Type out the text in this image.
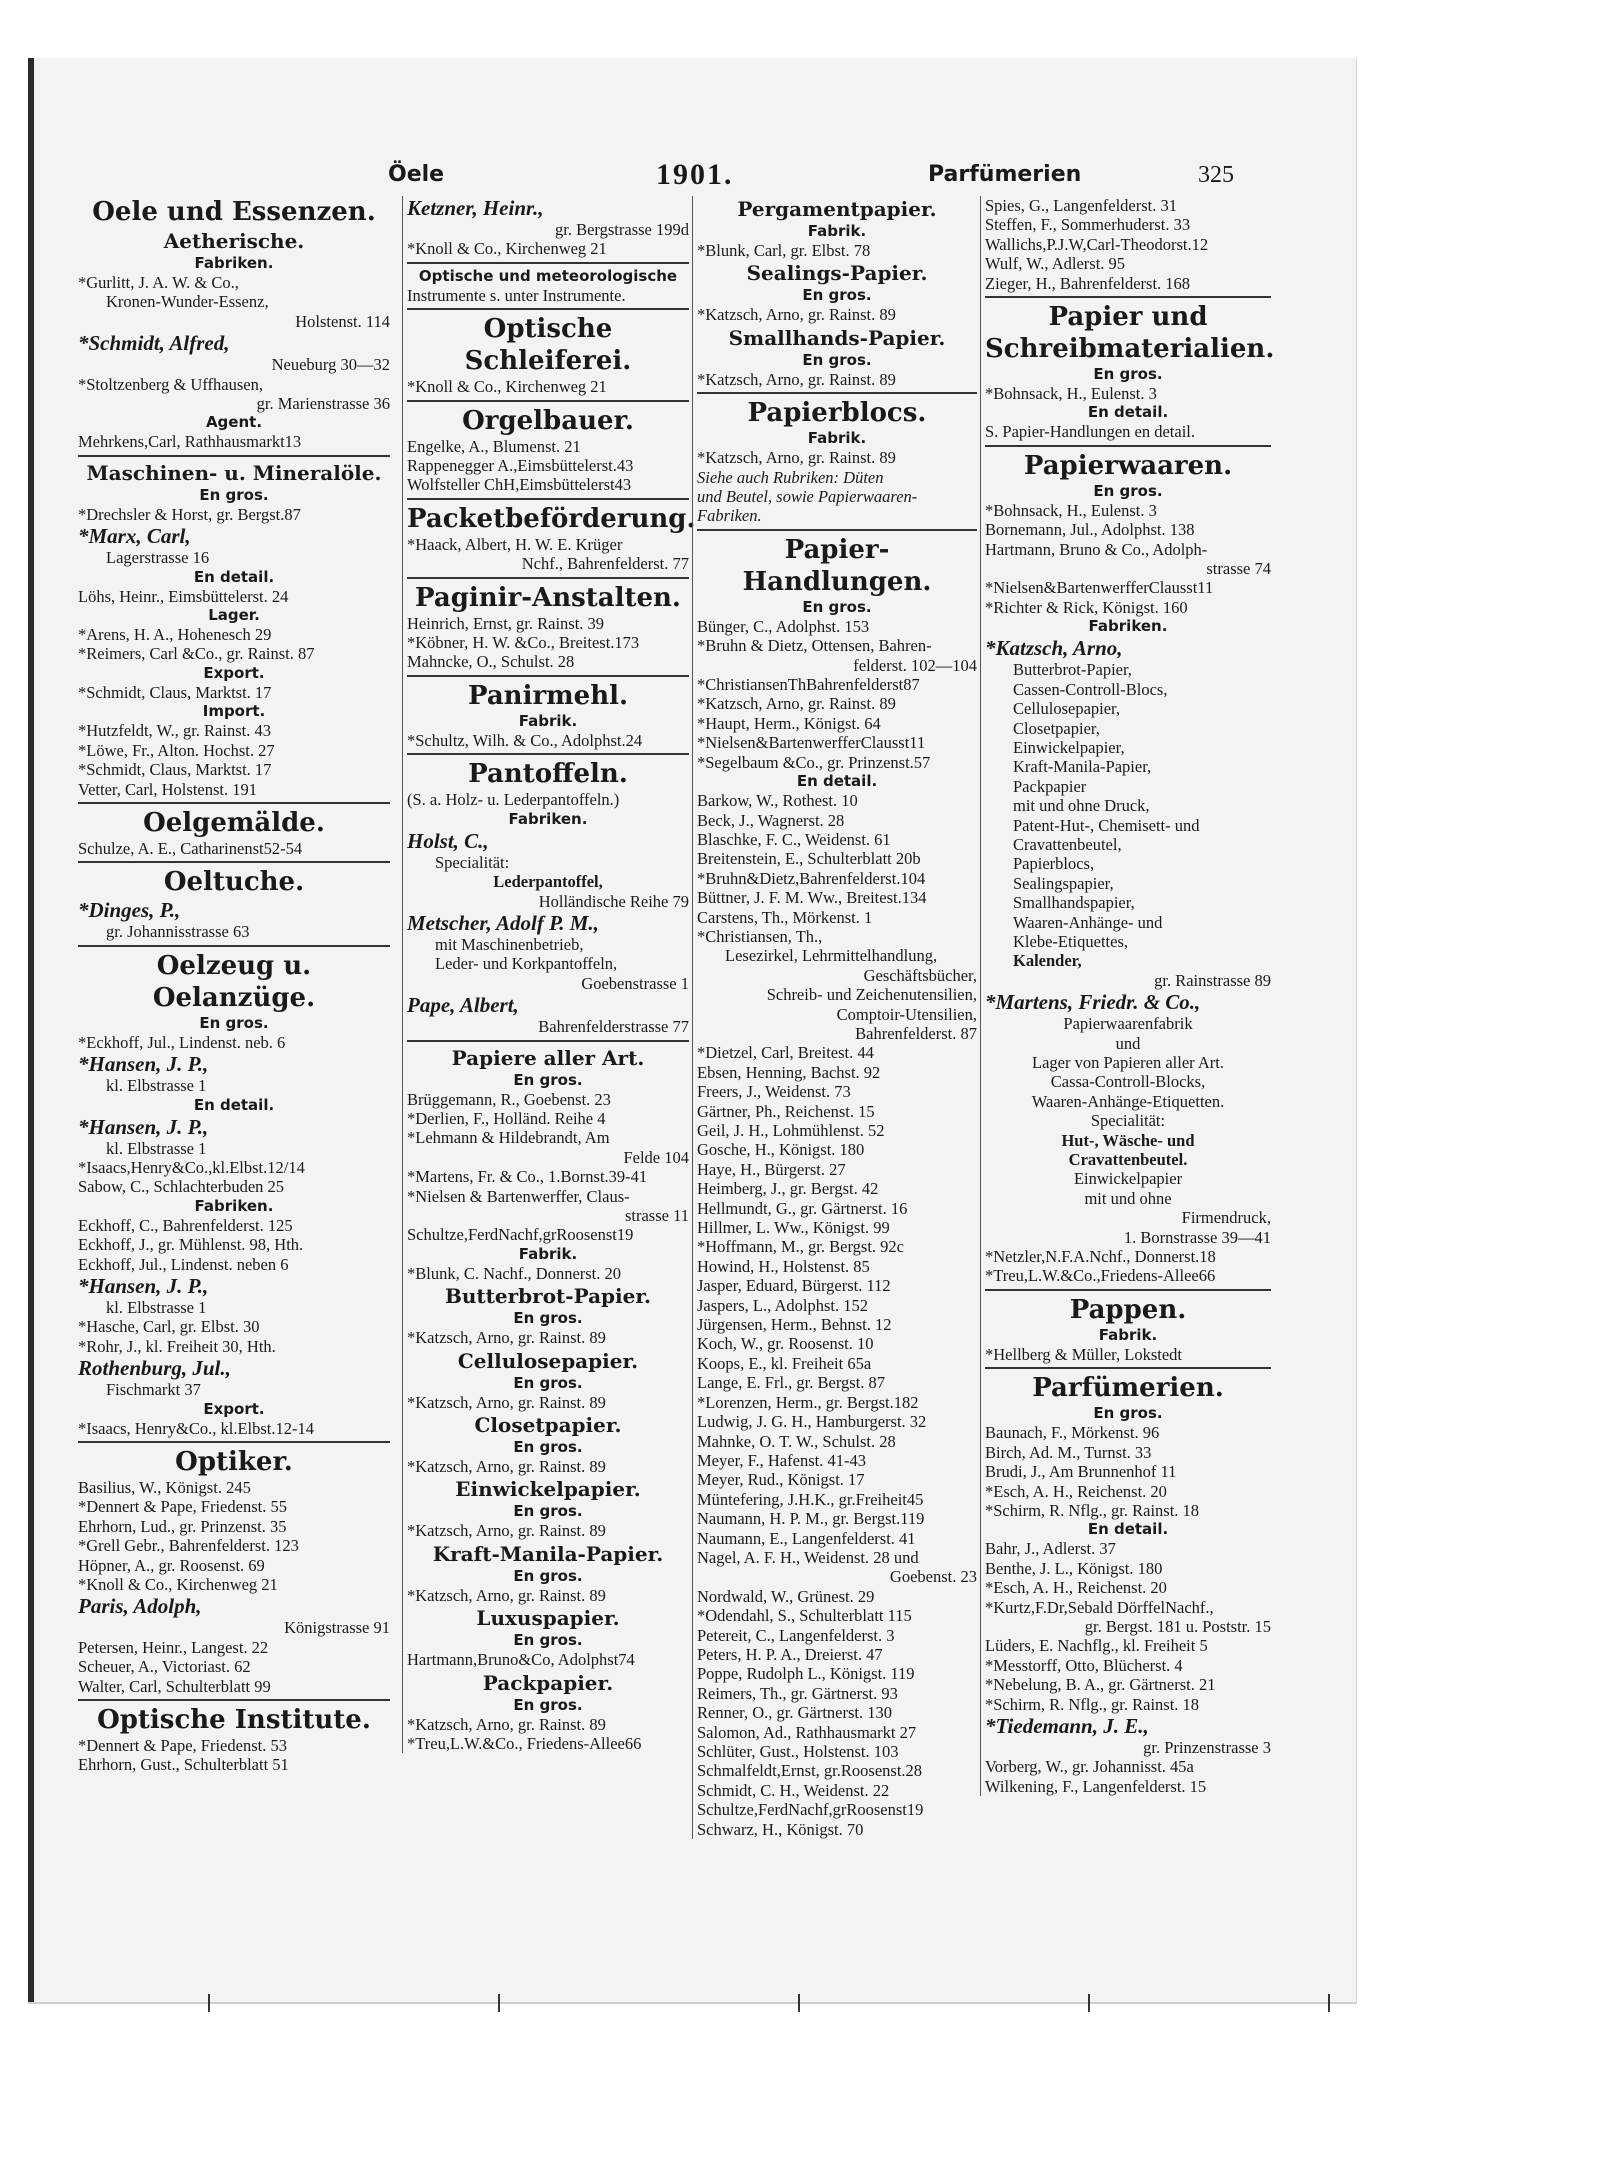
Öele	1901.	Parfümerien	325
Oele und Essenzen.
Aetherische.
Fabriken.
*Gurlitt, J. A. W. & Co.,
Kronen-Wunder-Essenz,
Holstenst. 114
*Schmidt, Alfred,
Neueburg 30—32
*Stoltzenberg & Uffhausen,
gr. Marienstrasse 36
Agent.
Mehrkens,Carl, Rathhausmarkt13
Maschinen- u. Mineralöle.
En gros.
*Drechsler & Horst, gr. Bergst.87
*Marx, Carl,
Lagerstrasse 16
En detail.
Löhs, Heinr., Eimsbüttelerst. 24
Lager.
*Arens, H. A., Hohenesch 29
*Reimers, Carl &Co., gr. Rainst. 87
Export.
*Schmidt, Claus, Marktst. 17
Import.
*Hutzfeldt, W., gr. Rainst. 43
*Löwe, Fr., Alton. Hochst. 27
*Schmidt, Claus, Marktst. 17
Vetter, Carl, Holstenst. 191
Oelgemälde.
Schulze, A. E., Catharinenst52-54
Oeltuche.
*Dinges, P.,
gr. Johannisstrasse 63
Oelzeug u. Oelanzüge.
En gros.
*Eckhoff, Jul., Lindenst. neb. 6
*Hansen, J. P.,
kl. Elbstrasse 1
En detail.
*Hansen, J. P.,
kl. Elbstrasse 1
*Isaacs,Henry&Co.,kl.Elbst.12/14
Sabow, C., Schlachterbuden 25
Fabriken.
Eckhoff, C., Bahrenfelderst. 125
Eckhoff, J., gr. Mühlenst. 98, Hth.
Eckhoff, Jul., Lindenst. neben 6
*Hansen, J. P.,
kl. Elbstrasse 1
*Hasche, Carl, gr. Elbst. 30
*Rohr, J., kl. Freiheit 30, Hth.
Rothenburg, Jul.,
Fischmarkt 37
Export.
*Isaacs, Henry&Co., kl.Elbst.12-14
Optiker.
Basilius, W., Königst. 245
*Dennert & Pape, Friedenst. 55
Ehrhorn, Lud., gr. Prinzenst. 35
*Grell Gebr., Bahrenfelderst. 123
Höpner, A., gr. Roosenst. 69
*Knoll & Co., Kirchenweg 21
Paris, Adolph,
Königstrasse 91
Petersen, Heinr., Langest. 22
Scheuer, A., Victoriast. 62
Walter, Carl, Schulterblatt 99
Optische Institute.
*Dennert & Pape, Friedenst. 53
Ehrhorn, Gust., Schulterblatt 51
Ketzner, Heinr.,
gr. Bergstrasse 199d
*Knoll & Co., Kirchenweg 21
Optische und meteorologische
Instrumente s. unter Instrumente.
Optische Schleiferei.
*Knoll & Co., Kirchenweg 21
Orgelbauer.
Engelke, A., Blumenst. 21
Rappenegger A.,Eimsbüttelerst.43
Wolfsteller ChH,Eimsbüttelerst43
Packetbeförderung.
*Haack, Albert, H. W. E. Krüger
Nchf., Bahrenfelderst. 77
Paginir-Anstalten.
Heinrich, Ernst, gr. Rainst. 39
*Köbner, H. W. &Co., Breitest.173
Mahncke, O., Schulst. 28
Panirmehl.
Fabrik.
*Schultz, Wilh. & Co., Adolphst.24
Pantoffeln.
(S. a. Holz- u. Lederpantoffeln.)
Fabriken.
Holst, C.,
Specialität:
Lederpantoffel,
Holländische Reihe 79
Metscher, Adolf P. M.,
mit Maschinenbetrieb,
Leder- und Korkpantoffeln,
Goebenstrasse 1
Pape, Albert,
Bahrenfelderstrasse 77
Papiere aller Art.
En gros.
Brüggemann, R., Goebenst. 23
*Derlien, F., Holländ. Reihe 4
*Lehmann & Hildebrandt, Am
Felde 104
*Martens, Fr. & Co., 1.Bornst.39-41
*Nielsen & Bartenwerffer, Claus-
strasse 11
Schultze,FerdNachf,grRoosenst19
Fabrik.
*Blunk, C. Nachf., Donnerst. 20
Butterbrot-Papier.
En gros.
*Katzsch, Arno, gr. Rainst. 89
Cellulosepapier.
En gros.
*Katzsch, Arno, gr. Rainst. 89
Closetpapier.
En gros.
*Katzsch, Arno, gr. Rainst. 89
Einwickelpapier.
En gros.
*Katzsch, Arno, gr. Rainst. 89
Kraft-Manila-Papier.
En gros.
*Katzsch, Arno, gr. Rainst. 89
Luxuspapier.
En gros.
Hartmann,Bruno&Co, Adolphst74
Packpapier.
En gros.
*Katzsch, Arno, gr. Rainst. 89
*Treu,L.W.&Co., Friedens-Allee66
Pergamentpapier.
Fabrik.
*Blunk, Carl, gr. Elbst. 78
Sealings-Papier.
En gros.
*Katzsch, Arno, gr. Rainst. 89
Smallhands-Papier.
En gros.
*Katzsch, Arno, gr. Rainst. 89
Papierblocs.
Fabrik.
*Katzsch, Arno, gr. Rainst. 89
Siehe auch Rubriken: Düten
und Beutel, sowie Papierwaaren-
Fabriken.
Papier-Handlungen.
En gros.
Bünger, C., Adolphst. 153
*Bruhn & Dietz, Ottensen, Bahren-
felderst. 102—104
*ChristiansenThBahrenfelderst87
*Katzsch, Arno, gr. Rainst. 89
*Haupt, Herm., Königst. 64
*Nielsen&BartenwerfferClausst11
*Segelbaum &Co., gr. Prinzenst.57
En detail.
Barkow, W., Rothest. 10
Beck, J., Wagnerst. 28
Blaschke, F. C., Weidenst. 61
Breitenstein, E., Schulterblatt 20b
*Bruhn&Dietz,Bahrenfelderst.104
Büttner, J. F. M. Ww., Breitest.134
Carstens, Th., Mörkenst. 1
*Christiansen, Th.,
Lesezirkel, Lehrmittelhandlung,
Geschäftsbücher,
Schreib- und Zeichenutensilien,
Comptoir-Utensilien,
Bahrenfelderst. 87
*Dietzel, Carl, Breitest. 44
Ebsen, Henning, Bachst. 92
Freers, J., Weidenst. 73
Gärtner, Ph., Reichenst. 15
Geil, J. H., Lohmühlenst. 52
Gosche, H., Königst. 180
Haye, H., Bürgerst. 27
Heimberg, J., gr. Bergst. 42
Hellmundt, G., gr. Gärtnerst. 16
Hillmer, L. Ww., Königst. 99
*Hoffmann, M., gr. Bergst. 92c
Howind, H., Holstenst. 85
Jasper, Eduard, Bürgerst. 112
Jaspers, L., Adolphst. 152
Jürgensen, Herm., Behnst. 12
Koch, W., gr. Roosenst. 10
Koops, E., kl. Freiheit 65a
Lange, E. Frl., gr. Bergst. 87
*Lorenzen, Herm., gr. Bergst.182
Ludwig, J. G. H., Hamburgerst. 32
Mahnke, O. T. W., Schulst. 28
Meyer, F., Hafenst. 41-43
Meyer, Rud., Königst. 17
Müntefering, J.H.K., gr.Freiheit45
Naumann, H. P. M., gr. Bergst.119
Naumann, E., Langenfelderst. 41
Nagel, A. F. H., Weidenst. 28 und
Goebenst. 23
Nordwald, W., Grünest. 29
*Odendahl, S., Schulterblatt 115
Petereit, C., Langenfelderst. 3
Peters, H. P. A., Dreierst. 47
Poppe, Rudolph L., Königst. 119
Reimers, Th., gr. Gärtnerst. 93
Renner, O., gr. Gärtnerst. 130
Salomon, Ad., Rathhausmarkt 27
Schlüter, Gust., Holstenst. 103
Schmalfeldt,Ernst, gr.Roosenst.28
Schmidt, C. H., Weidenst. 22
Schultze,FerdNachf,grRoosenst19
Schwarz, H., Königst. 70
Spies, G., Langenfelderst. 31
Steffen, F., Sommerhuderst. 33
Wallichs,P.J.W,Carl-Theodorst.12
Wulf, W., Adlerst. 95
Zieger, H., Bahrenfelderst. 168
Papier und
Schreibmaterialien.
En gros.
*Bohnsack, H., Eulenst. 3
En detail.
S. Papier-Handlungen en detail.
Papierwaaren.
En gros.
*Bohnsack, H., Eulenst. 3
Bornemann, Jul., Adolphst. 138
Hartmann, Bruno & Co., Adolph-
strasse 74
*Nielsen&BartenwerfferClausst11
*Richter & Rick, Königst. 160
Fabriken.
*Katzsch, Arno,
Butterbrot-Papier,
Cassen-Controll-Blocs,
Cellulosepapier,
Closetpapier,
Einwickelpapier,
Kraft-Manila-Papier,
Packpapier
mit und ohne Druck,
Patent-Hut-, Chemisett- und
Cravattenbeutel,
Papierblocs,
Sealingspapier,
Smallhandspapier,
Waaren-Anhänge- und
Klebe-Etiquettes,
Kalender,
gr. Rainstrasse 89
*Martens, Friedr. & Co.,
Papierwaarenfabrik
und
Lager von Papieren aller Art.
Cassa-Controll-Blocks,
Waaren-Anhänge-Etiquetten.
Specialität:
Hut-, Wäsche- und
Cravattenbeutel.
Einwickelpapier
mit und ohne
Firmendruck,
1. Bornstrasse 39—41
*Netzler,N.F.A.Nchf., Donnerst.18
*Treu,L.W.&Co.,Friedens-Allee66
Pappen.
Fabrik.
*Hellberg & Müller, Lokstedt
Parfümerien.
En gros.
Baunach, F., Mörkenst. 96
Birch, Ad. M., Turnst. 33
Brudi, J., Am Brunnenhof 11
*Esch, A. H., Reichenst. 20
*Schirm, R. Nflg., gr. Rainst. 18
En detail.
Bahr, J., Adlerst. 37
Benthe, J. L., Königst. 180
*Esch, A. H., Reichenst. 20
*Kurtz,F.Dr,Sebald DörffelNachf.,
gr. Bergst. 181 u. Poststr. 15
Lüders, E. Nachflg., kl. Freiheit 5
*Messtorff, Otto, Blücherst. 4
*Nebelung, B. A., gr. Gärtnerst. 21
*Schirm, R. Nflg., gr. Rainst. 18
*Tiedemann, J. E.,
gr. Prinzenstrasse 3
Vorberg, W., gr. Johannisst. 45a
Wilkening, F., Langenfelderst. 15
